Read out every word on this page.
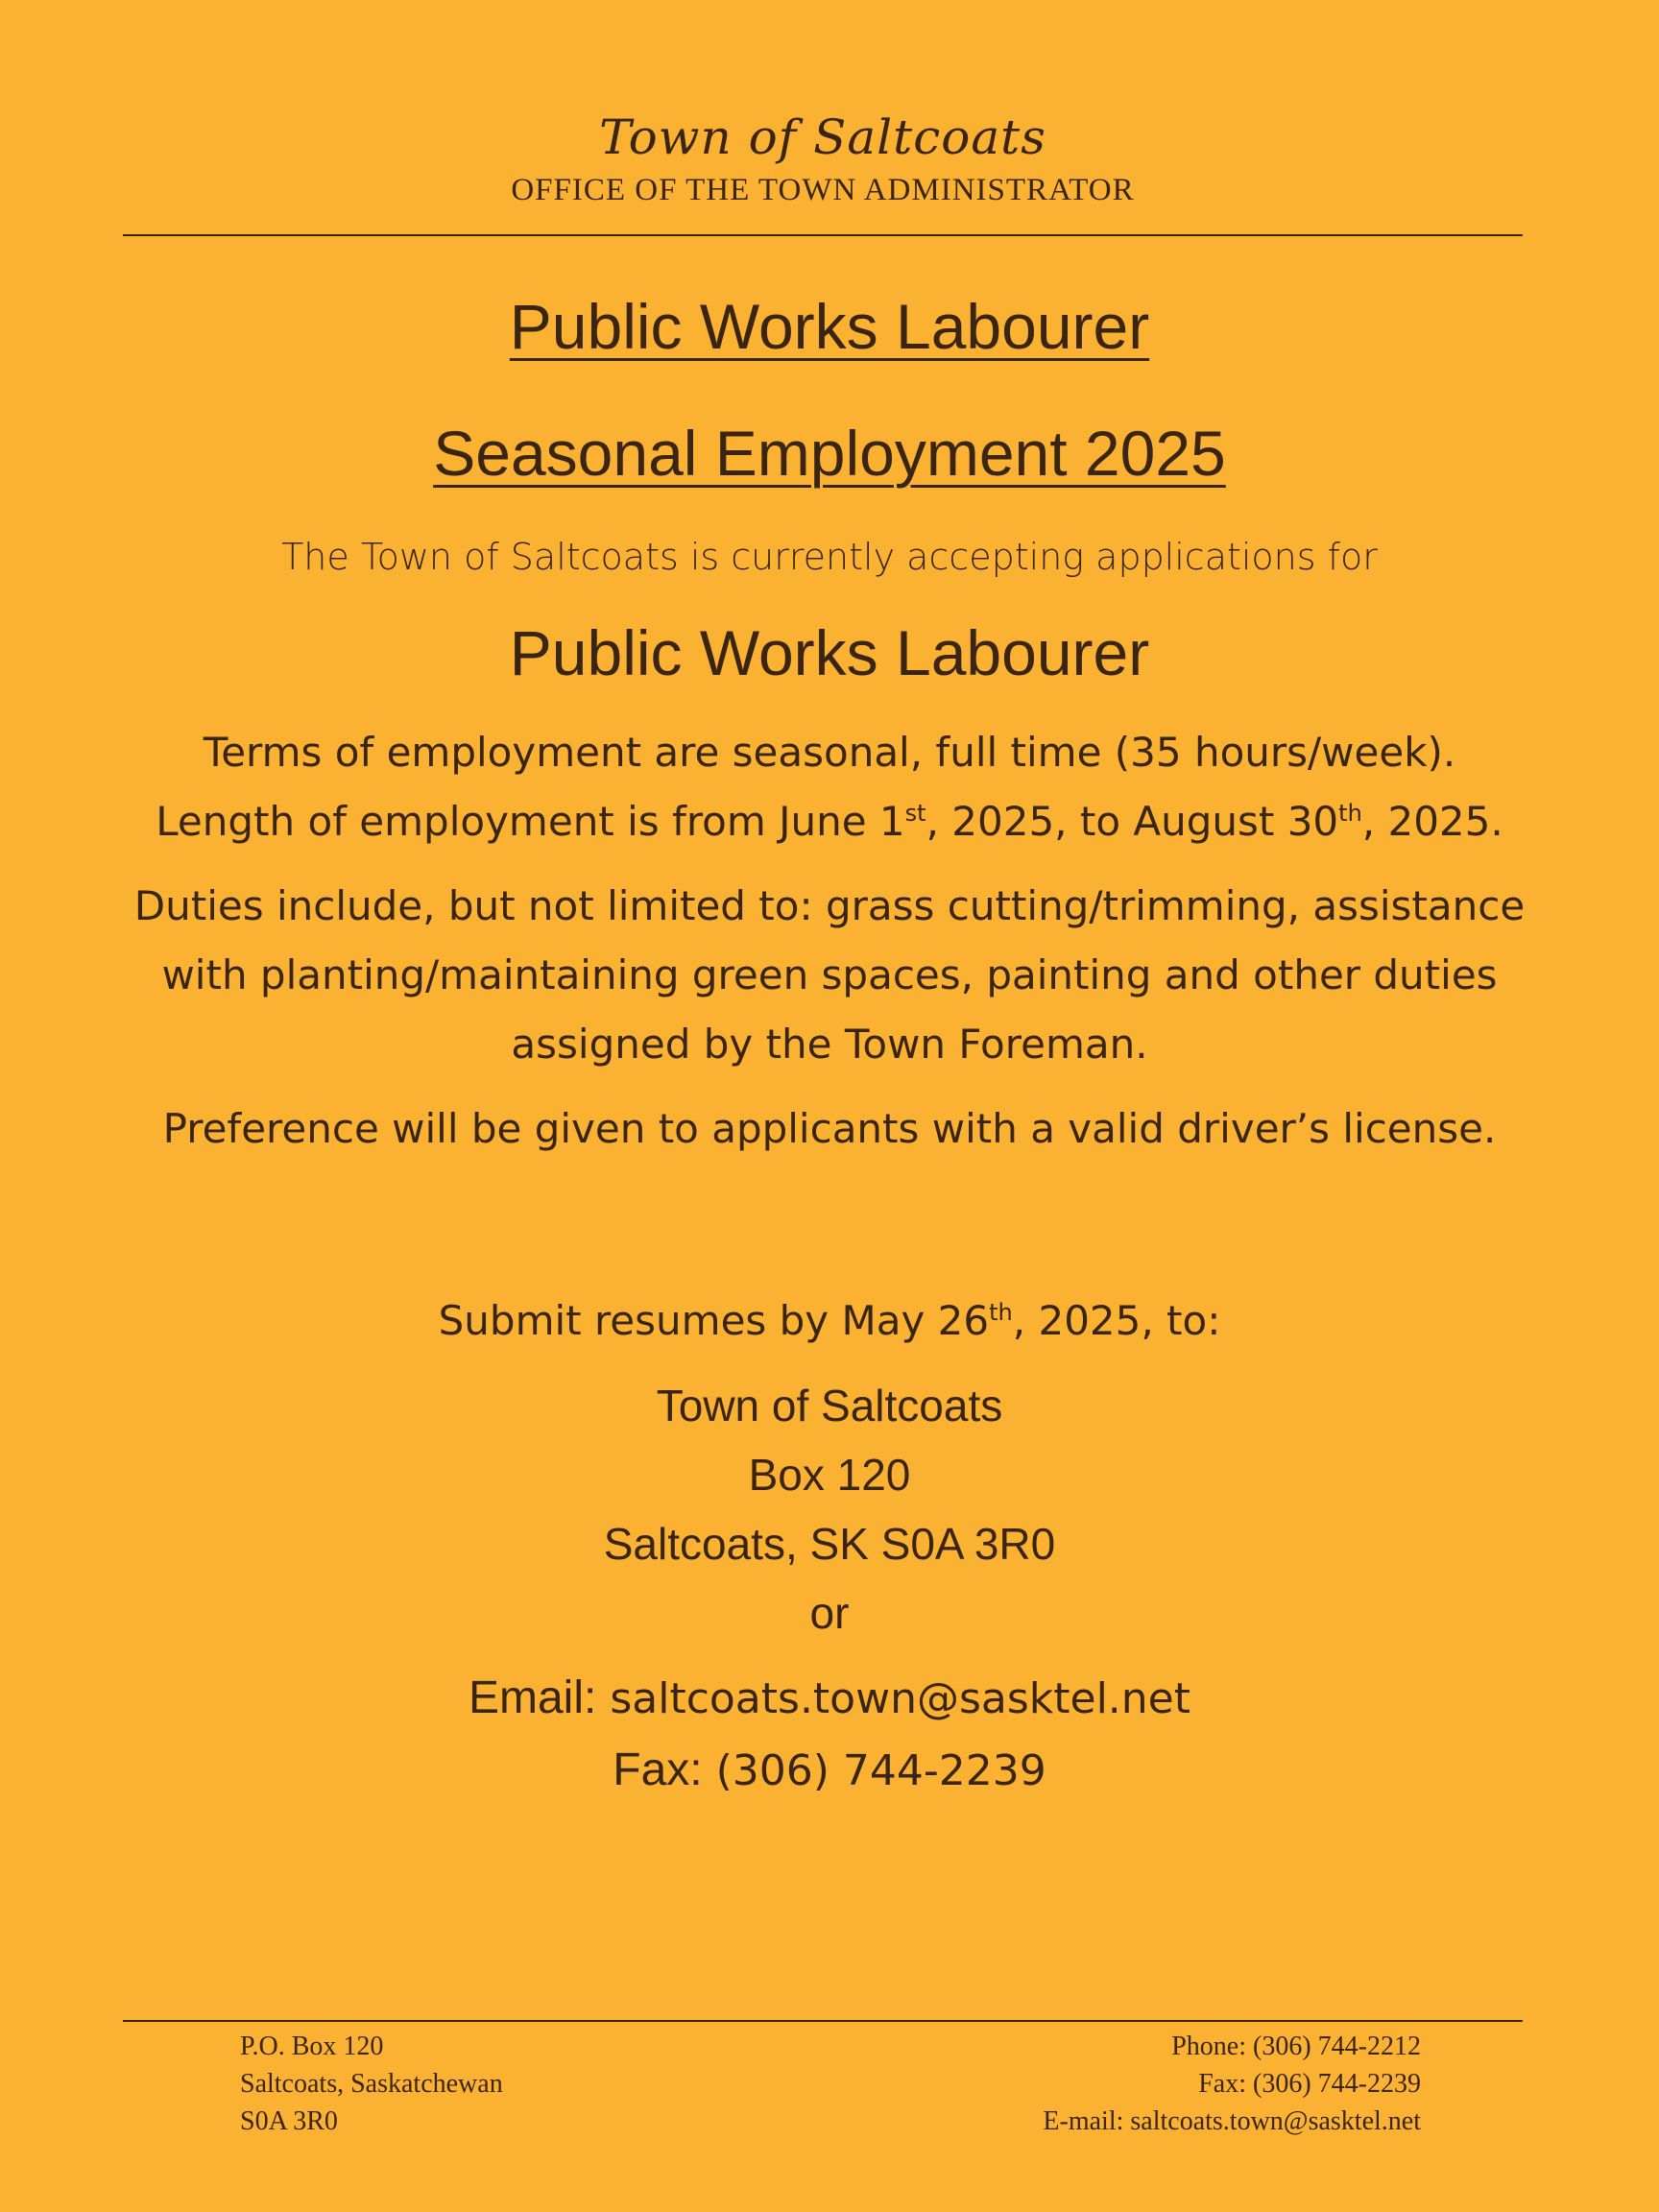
Town of Saltcoats
OFFICE OF THE TOWN ADMINISTRATOR
Public Works Labourer
Seasonal Employment 2025
The Town of Saltcoats is currently accepting applications for
Public Works Labourer
Terms of employment are seasonal, full time (35 hours/week).
Length of employment is from June 1st, 2025, to August 30th, 2025.
Duties include, but not limited to: grass cutting/trimming, assistance
with planting/maintaining green spaces, painting and other duties
assigned by the Town Foreman.
Preference will be given to applicants with a valid driver’s license.
Submit resumes by May 26th, 2025, to:
Town of Saltcoats
Box 120
Saltcoats, SK S0A 3R0
or
Email: saltcoats.town@sasktel.net
Fax: (306) 744-2239
P.O. Box 120
Saltcoats, Saskatchewan
S0A 3R0
Phone: (306) 744-2212
Fax: (306) 744-2239
E-mail: saltcoats.town@sasktel.net
